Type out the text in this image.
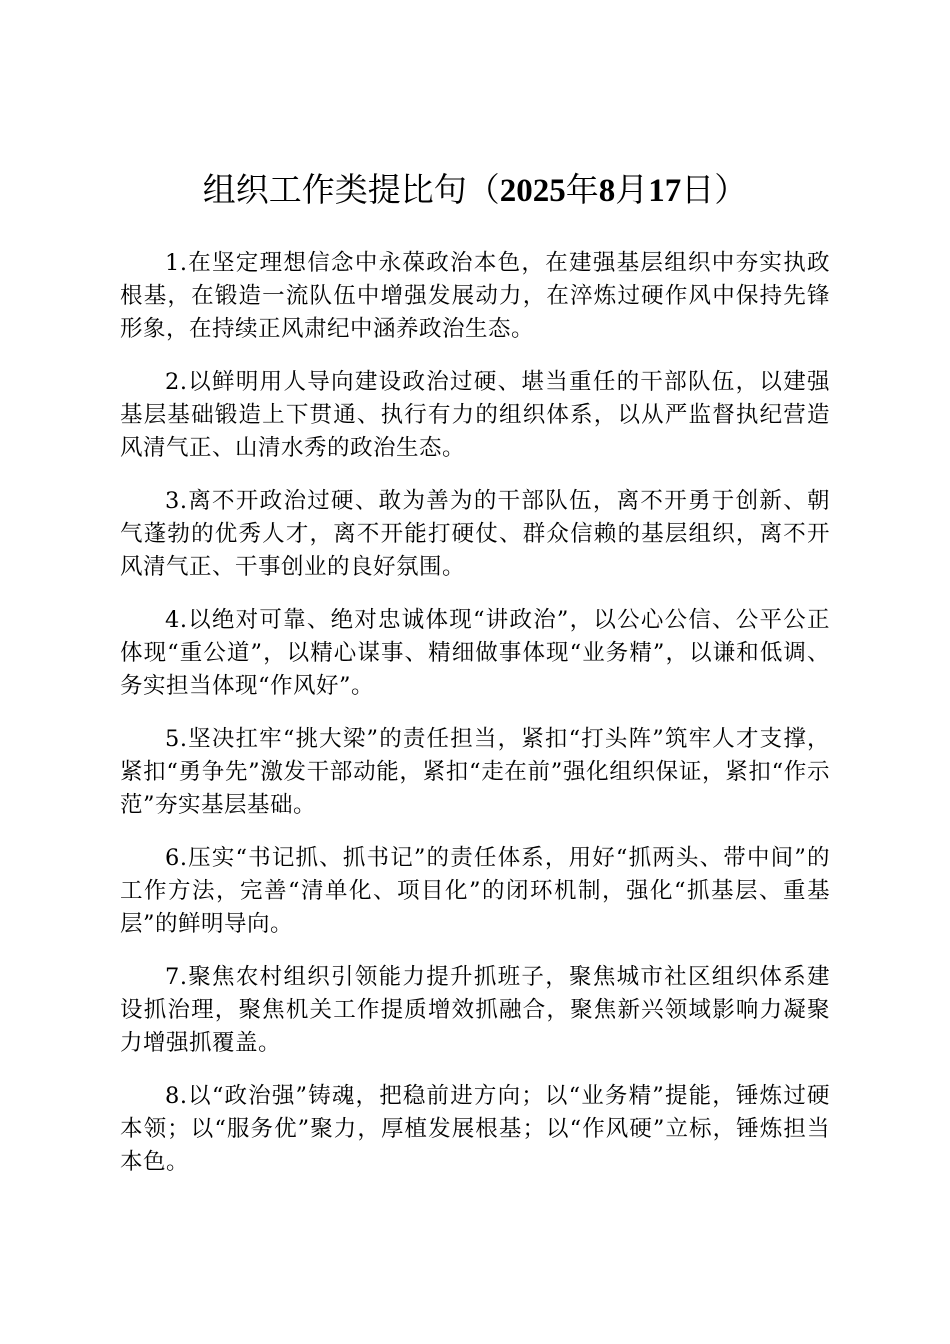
组织工作类提比句（2025年8月17日）

1.在坚定理想信念中永葆政治本色，在建强基层组织中夯实执政根基，在锻造一流队伍中增强发展动力，在淬炼过硬作风中保持先锋形象，在持续正风肃纪中涵养政治生态。

2.以鲜明用人导向建设政治过硬、堪当重任的干部队伍，以建强基层基础锻造上下贯通、执行有力的组织体系，以从严监督执纪营造风清气正、山清水秀的政治生态。

3.离不开政治过硬、敢为善为的干部队伍，离不开勇于创新、朝气蓬勃的优秀人才，离不开能打硬仗、群众信赖的基层组织，离不开风清气正、干事创业的良好氛围。

4.以绝对可靠、绝对忠诚体现“讲政治”，以公心公信、公平公正体现“重公道”，以精心谋事、精细做事体现“业务精”，以谦和低调、务实担当体现“作风好”。

5.坚决扛牢“挑大梁”的责任担当，紧扣“打头阵”筑牢人才支撑，紧扣“勇争先”激发干部动能，紧扣“走在前”强化组织保证，紧扣“作示范”夯实基层基础。

6.压实“书记抓、抓书记”的责任体系，用好“抓两头、带中间”的工作方法，完善“清单化、项目化”的闭环机制，强化“抓基层、重基层”的鲜明导向。

7.聚焦农村组织引领能力提升抓班子，聚焦城市社区组织体系建设抓治理，聚焦机关工作提质增效抓融合，聚焦新兴领域影响力凝聚力增强抓覆盖。

8.以“政治强”铸魂，把稳前进方向；以“业务精”提能，锤炼过硬本领；以“服务优”聚力，厚植发展根基；以“作风硬”立标，锤炼担当本色。
